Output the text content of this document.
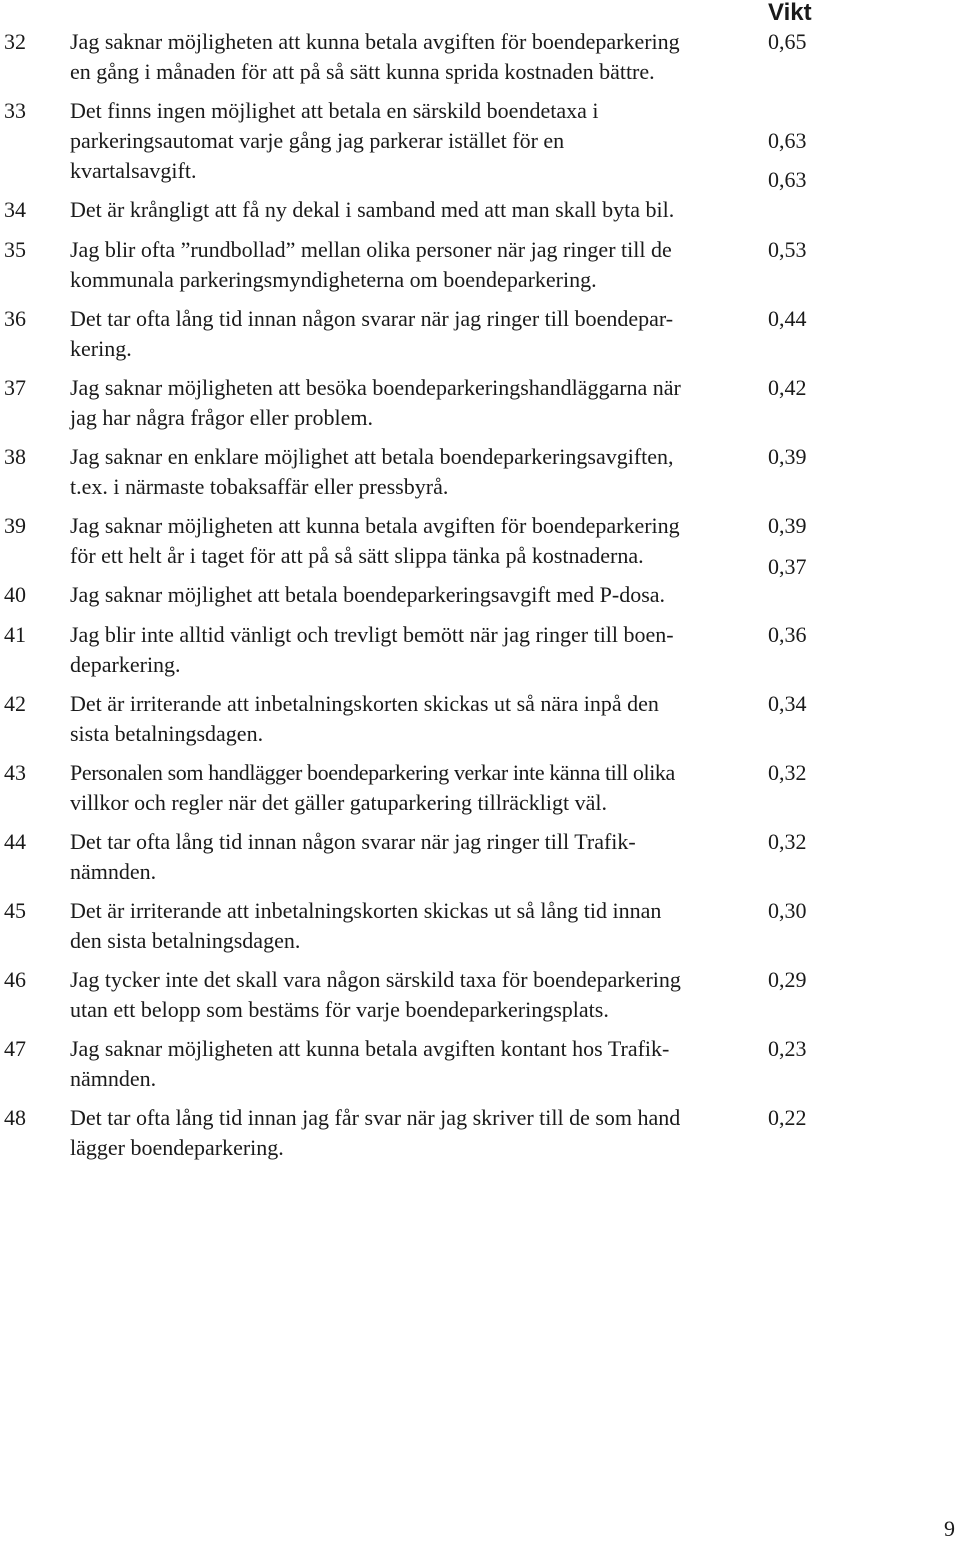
Vikt
32 Jag saknar möjligheten att kunna betala avgiften för boendeparkering
en gång i månaden för att på så sätt kunna sprida kostnaden bättre.
0,65
33 Det finns ingen möjlighet att betala en särskild boendetaxa i
parkeringsautomat varje gång jag parkerar istället för en
kvartalsavgift.
0,63
34 Det är krångligt att få ny dekal i samband med att man skall byta bil.
0,63
35 Jag blir ofta ”rundbollad” mellan olika personer när jag ringer till de
kommunala parkeringsmyndigheterna om boendeparkering.
0,53
36 Det tar ofta lång tid innan någon svarar när jag ringer till boendepar-
kering.
0,44
37 Jag saknar möjligheten att besöka boendeparkeringshandläggarna när
jag har några frågor eller problem.
0,42
38 Jag saknar en enklare möjlighet att betala boendeparkeringsavgiften,
t.ex. i närmaste tobaksaffär eller pressbyrå.
0,39
39 Jag saknar möjligheten att kunna betala avgiften för boendeparkering
för ett helt år i taget för att på så sätt slippa tänka på kostnaderna.
0,39
40 Jag saknar möjlighet att betala boendeparkeringsavgift med P-dosa.
0,37
41 Jag blir inte alltid vänligt och trevligt bemött när jag ringer till boen-
deparkering.
0,36
42 Det är irriterande att inbetalningskorten skickas ut så nära inpå den
sista betalningsdagen.
0,34
43 Personalen som handlägger boendeparkering verkar inte känna till olika
villkor och regler när det gäller gatuparkering tillräckligt väl.
0,32
44 Det tar ofta lång tid innan någon svarar när jag ringer till Trafik-
nämnden.
0,32
45 Det är irriterande att inbetalningskorten skickas ut så lång tid innan
den sista betalningsdagen.
0,30
46 Jag tycker inte det skall vara någon särskild taxa för boendeparkering
utan ett belopp som bestäms för varje boendeparkeringsplats.
0,29
47 Jag saknar möjligheten att kunna betala avgiften kontant hos Trafik-
nämnden.
0,23
48 Det tar ofta lång tid innan jag får svar när jag skriver till de som hand
lägger boendeparkering.
0,22
9
